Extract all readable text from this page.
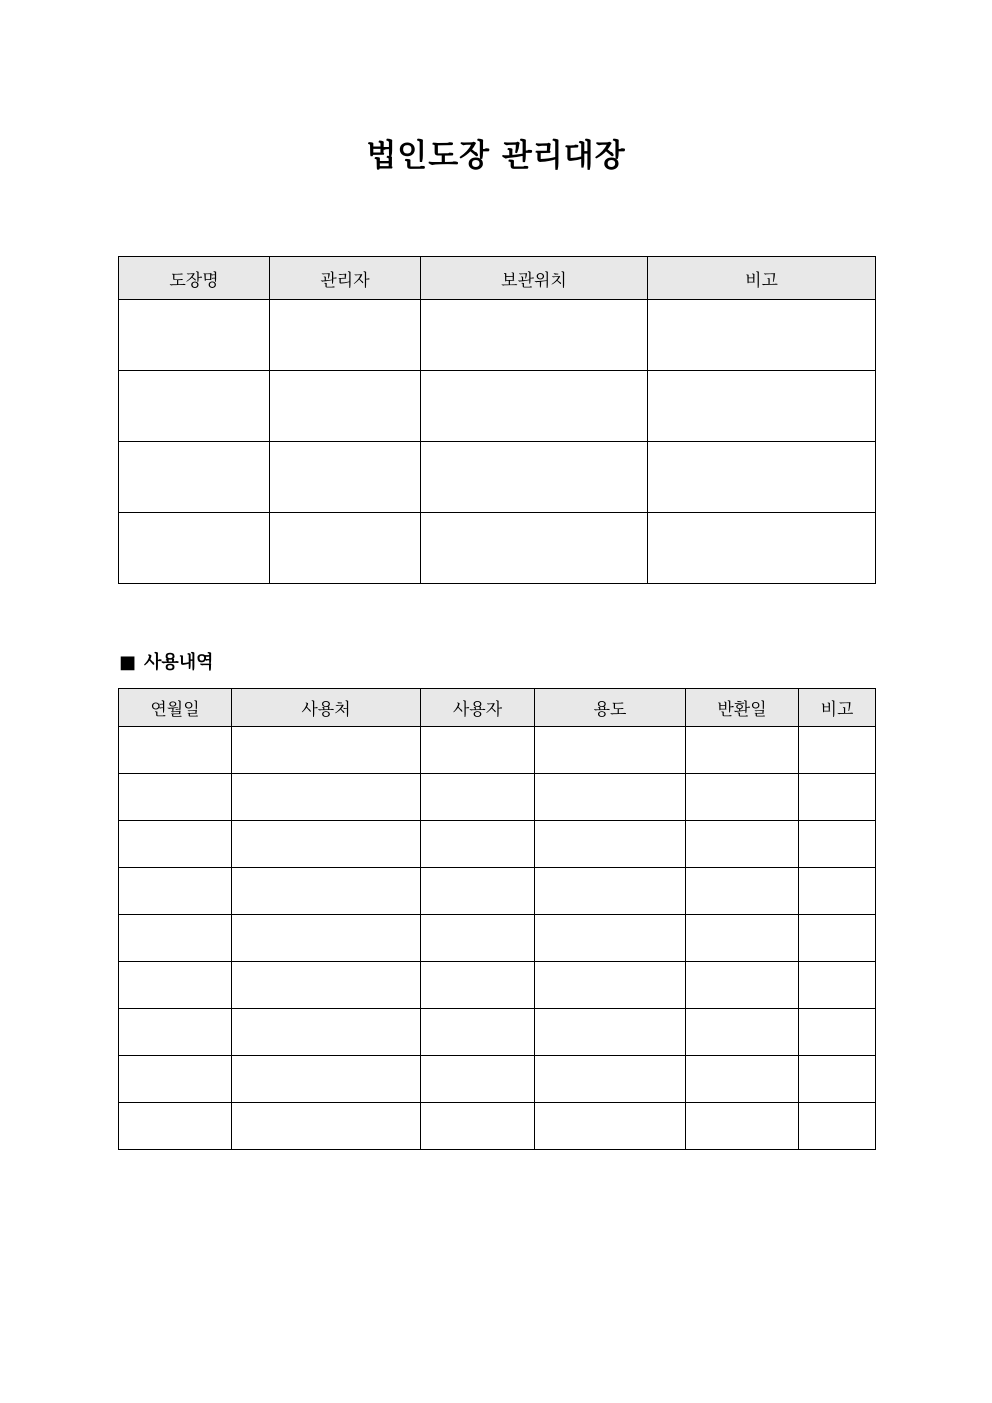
법인도장 관리대장
도장명	관리자	보관위치	비고

■ 사용내역
연월일	사용처	사용자	용도	반환일	비고
